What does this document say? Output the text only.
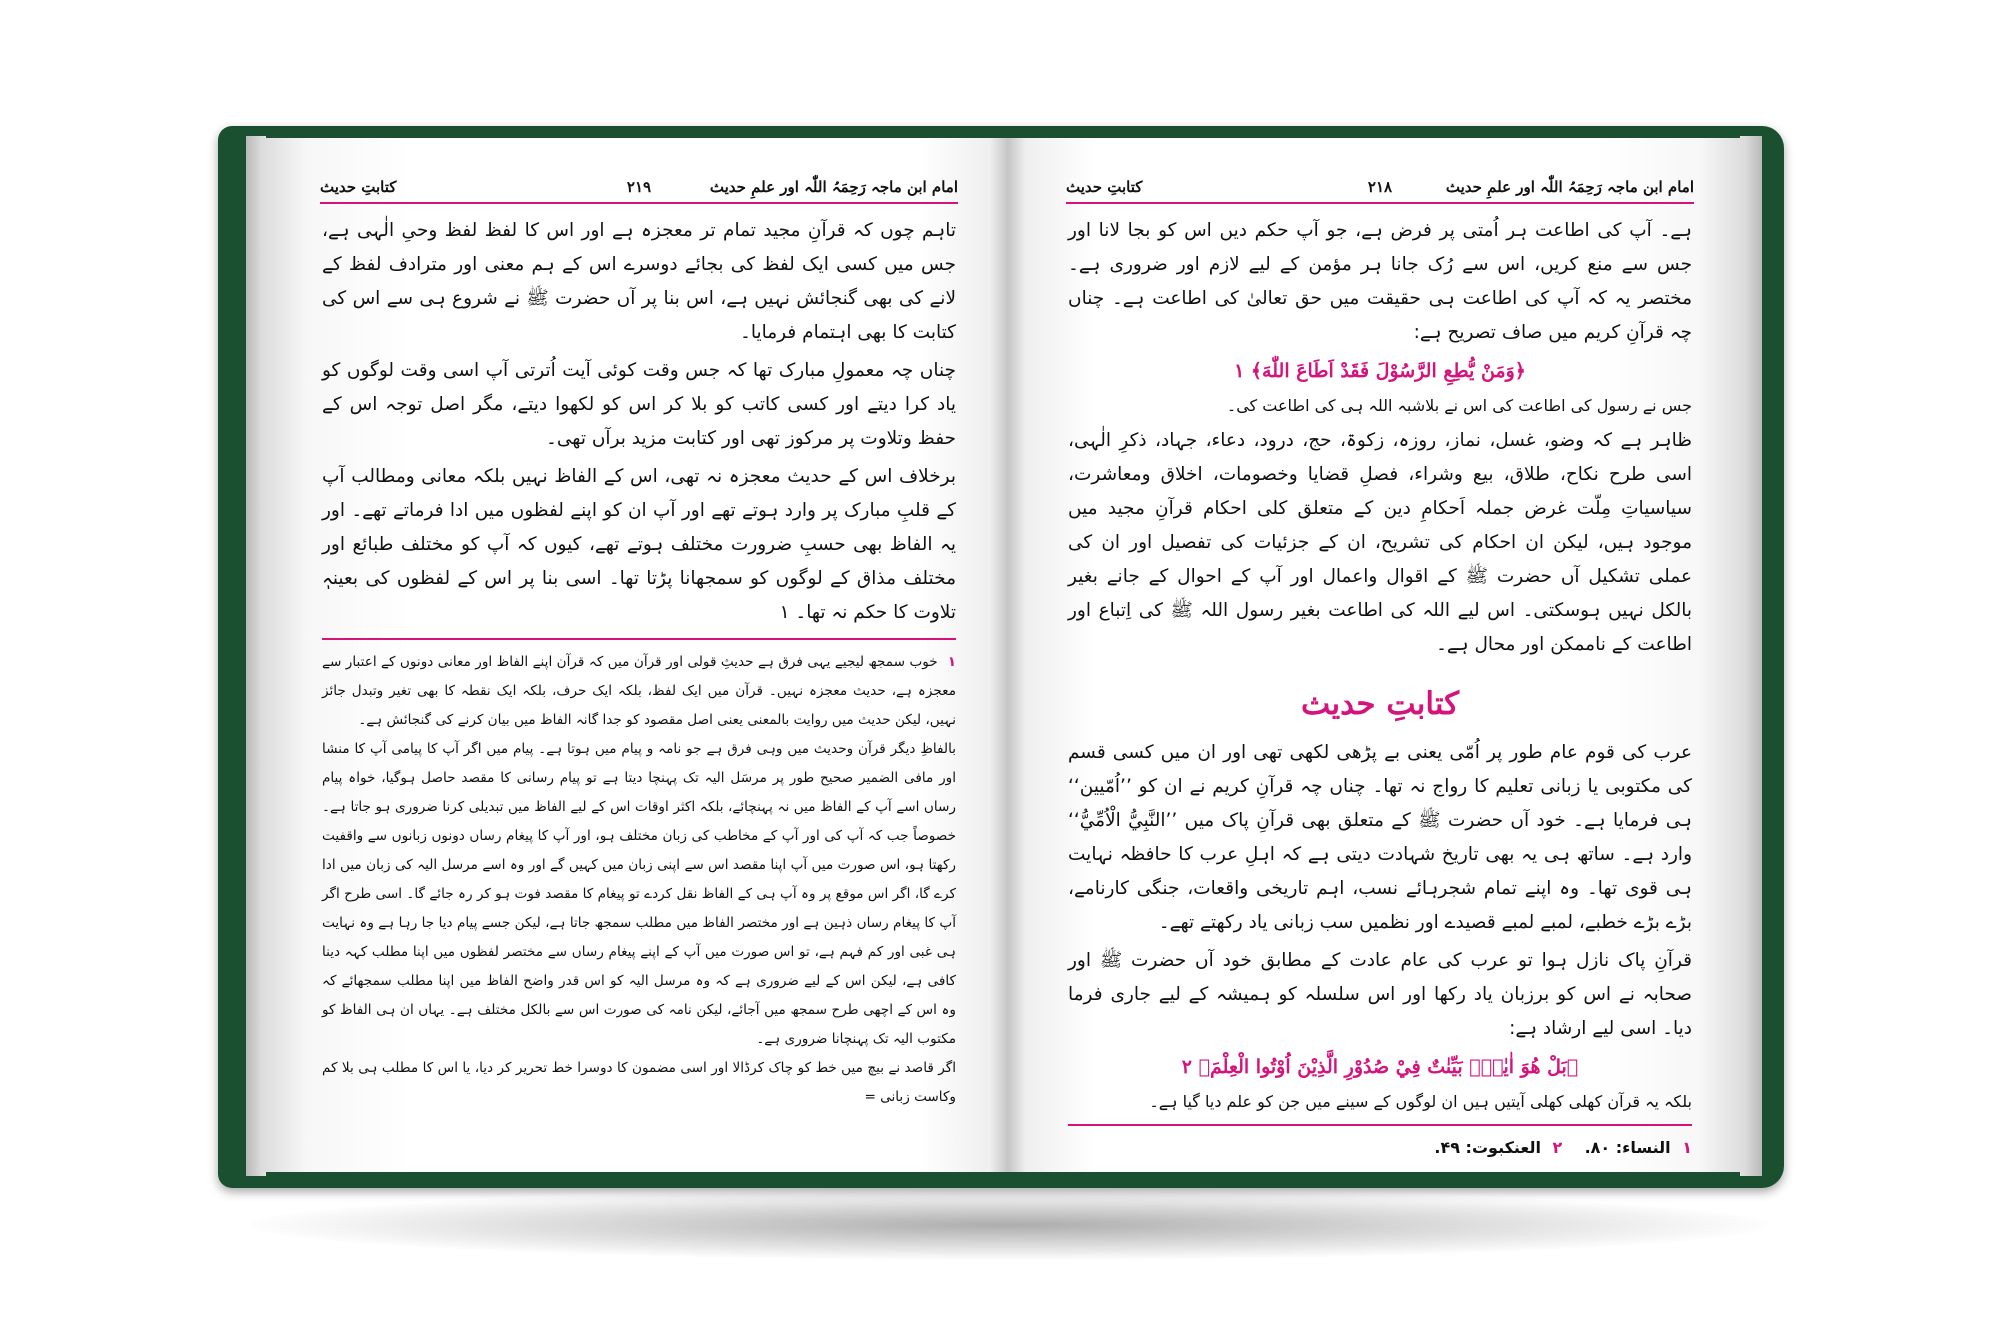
امام ابن ماجہ رَحِمَہُ اللّٰہ اور علمِ حدیث
۲۱۹
کتابتِ حدیث

تاہم چوں کہ قرآنِ مجید تمام تر معجزہ ہے اور اس کا لفظ لفظ وحیِ الٰہی ہے، جس میں کسی ایک لفظ کی بجائے دوسرے اس کے ہم معنی اور مترادف لفظ کے لانے کی بھی گنجائش نہیں ہے، اس بنا پر آں حضرت ﷺ نے شروع ہی سے اس کی کتابت کا بھی اہتمام فرمایا۔

چناں چہ معمولِ مبارک تھا کہ جس وقت کوئی آیت اُترتی آپ اسی وقت لوگوں کو یاد کرا دیتے اور کسی کاتب کو بلا کر اس کو لکھوا دیتے، مگر اصل توجہ اس کے حفظ وتلاوت پر مرکوز تھی اور کتابت مزید برآں تھی۔

برخلاف اس کے حدیث معجزہ نہ تھی، اس کے الفاظ نہیں بلکہ معانی ومطالب آپ کے قلبِ مبارک پر وارد ہوتے تھے اور آپ ان کو اپنے لفظوں میں ادا فرماتے تھے۔ اور یہ الفاظ بھی حسبِ ضرورت مختلف ہوتے تھے، کیوں کہ آپ کو مختلف طبائع اور مختلف مذاق کے لوگوں کو سمجھانا پڑتا تھا۔ اسی بنا پر اس کے لفظوں کی بعینہٖ تلاوت کا حکم نہ تھا۔ ۱

۱خوب سمجھ لیجیے یہی فرق ہے حدیثِ قولی اور قرآن میں کہ قرآن اپنے الفاظ اور معانی دونوں کے اعتبار سے معجزہ ہے، حدیث معجزہ نہیں۔ قرآن میں ایک لفظ، بلکہ ایک حرف، بلکہ ایک نقطہ کا بھی تغیر وتبدل جائز نہیں، لیکن حدیث میں روایت بالمعنی یعنی اصل مقصود کو جدا گانہ الفاظ میں بیان کرنے کی گنجائش ہے۔

بالفاظِ دیگر قرآن وحدیث میں وہی فرق ہے جو نامہ و پیام میں ہوتا ہے۔ پیام میں اگر آپ کا پیامی آپ کا منشا اور مافی الضمیر صحیح طور پر مرسَل الیہ تک پہنچا دیتا ہے تو پیام رسانی کا مقصد حاصل ہوگیا، خواہ پیام رساں اسے آپ کے الفاظ میں نہ پہنچائے، بلکہ اکثر اوقات اس کے لیے الفاظ میں تبدیلی کرنا ضروری ہو جاتا ہے۔ خصوصاً جب کہ آپ کی اور آپ کے مخاطب کی زبان مختلف ہو، اور آپ کا پیغام رساں دونوں زبانوں سے واقفیت رکھتا ہو، اس صورت میں آپ اپنا مقصد اس سے اپنی زبان میں کہیں گے اور وہ اسے مرسل الیہ کی زبان میں ادا کرے گا، اگر اس موقع پر وہ آپ ہی کے الفاظ نقل کردے تو پیغام کا مقصد فوت ہو کر رہ جائے گا۔ اسی طرح اگر آپ کا پیغام رساں ذہین ہے اور مختصر الفاظ میں مطلب سمجھ جاتا ہے، لیکن جسے پیام دیا جا رہا ہے وہ نہایت ہی غبی اور کم فہم ہے، تو اس صورت میں آپ کے اپنے پیغام رساں سے مختصر لفظوں میں اپنا مطلب کہہ دینا کافی ہے، لیکن اس کے لیے ضروری ہے کہ وہ مرسل الیہ کو اس قدر واضح الفاظ میں اپنا مطلب سمجھائے کہ وہ اس کے اچھی طرح سمجھ میں آجائے، لیکن نامہ کی صورت اس سے بالکل مختلف ہے۔ یہاں ان ہی الفاظ کو مکتوب الیہ تک پہنچانا ضروری ہے۔

اگر قاصد نے بیچ میں خط کو چاک کرڈالا اور اسی مضمون کا دوسرا خط تحریر کر دیا، یا اس کا مطلب ہی بلا کم وکاست زبانی =

امام ابن ماجہ رَحِمَہُ اللّٰہ اور علمِ حدیث
۲۱۸
کتابتِ حدیث

ہے۔ آپ کی اطاعت ہر اُمتی پر فرض ہے، جو آپ حکم دیں اس کو بجا لانا اور جس سے منع کریں، اس سے رُک جانا ہر مؤمن کے لیے لازم اور ضروری ہے۔ مختصر یہ کہ آپ کی اطاعت ہی حقیقت میں حق تعالیٰ کی اطاعت ہے۔ چناں چہ قرآنِ کریم میں صاف تصریح ہے:

﴿وَمَنْ يُّطِعِ الرَّسُوْلَ فَقَدْ اَطَاعَ اللّٰهَ﴾ ۱

جس نے رسول کی اطاعت کی اس نے بلاشبہ اللہ ہی کی اطاعت کی۔

ظاہر ہے کہ وضو، غسل، نماز، روزہ، زکوۃ، حج، درود، دعاء، جہاد، ذکرِ الٰہی، اسی طرح نکاح، طلاق، بیع وشراء، فصلِ قضایا وخصومات، اخلاق ومعاشرت، سیاسیاتِ مِلّت غرض جملہ اَحکامِ دین کے متعلق کلی احکام قرآنِ مجید میں موجود ہیں، لیکن ان احکام کی تشریح، ان کے جزئیات کی تفصیل اور ان کی عملی تشکیل آں حضرت ﷺ کے اقوال واعمال اور آپ کے احوال کے جانے بغیر بالکل نہیں ہوسکتی۔ اس لیے اللہ کی اطاعت بغیر رسول اللہ ﷺ کی اِتباع اور اطاعت کے ناممکن اور محال ہے۔

کتابتِ حدیث

عرب کی قوم عام طور پر اُمّی یعنی بے پڑھی لکھی تھی اور ان میں کسی قسم کی مکتوبی یا زبانی تعلیم کا رواج نہ تھا۔ چناں چہ قرآنِ کریم نے ان کو ’’اُمّیین‘‘ ہی فرمایا ہے۔ خود آں حضرت ﷺ کے متعلق بھی قرآنِ پاک میں ’’النَّبِيُّ الْاُمِّيُّ‘‘ وارد ہے۔ ساتھ ہی یہ بھی تاریخ شہادت دیتی ہے کہ اہلِ عرب کا حافظہ نہایت ہی قوی تھا۔ وہ اپنے تمام شجرہائے نسب، اہم تاریخی واقعات، جنگی کارنامے، بڑے بڑے خطبے، لمبے لمبے قصیدے اور نظمیں سب زبانی یاد رکھتے تھے۔

قرآنِ پاک نازل ہوا تو عرب کی عام عادت کے مطابق خود آں حضرت ﷺ اور صحابہ نے اس کو برزبان یاد رکھا اور اس سلسلہ کو ہمیشہ کے لیے جاری فرما دیا۔ اسی لیے ارشاد ہے:

﴿بَلْ هُوَ اٰيٰتٌۢ بَيِّنٰتٌ فِيْ صُدُوْرِ الَّذِيْنَ اُوْتُوا الْعِلْمَ﴾ ۲

بلکہ یہ قرآن کھلی کھلی آیتیں ہیں ان لوگوں کے سینے میں جن کو علم دیا گیا ہے۔

۱ النساء: ۸۰.    ۲ العنکبوت: ۴۹.
